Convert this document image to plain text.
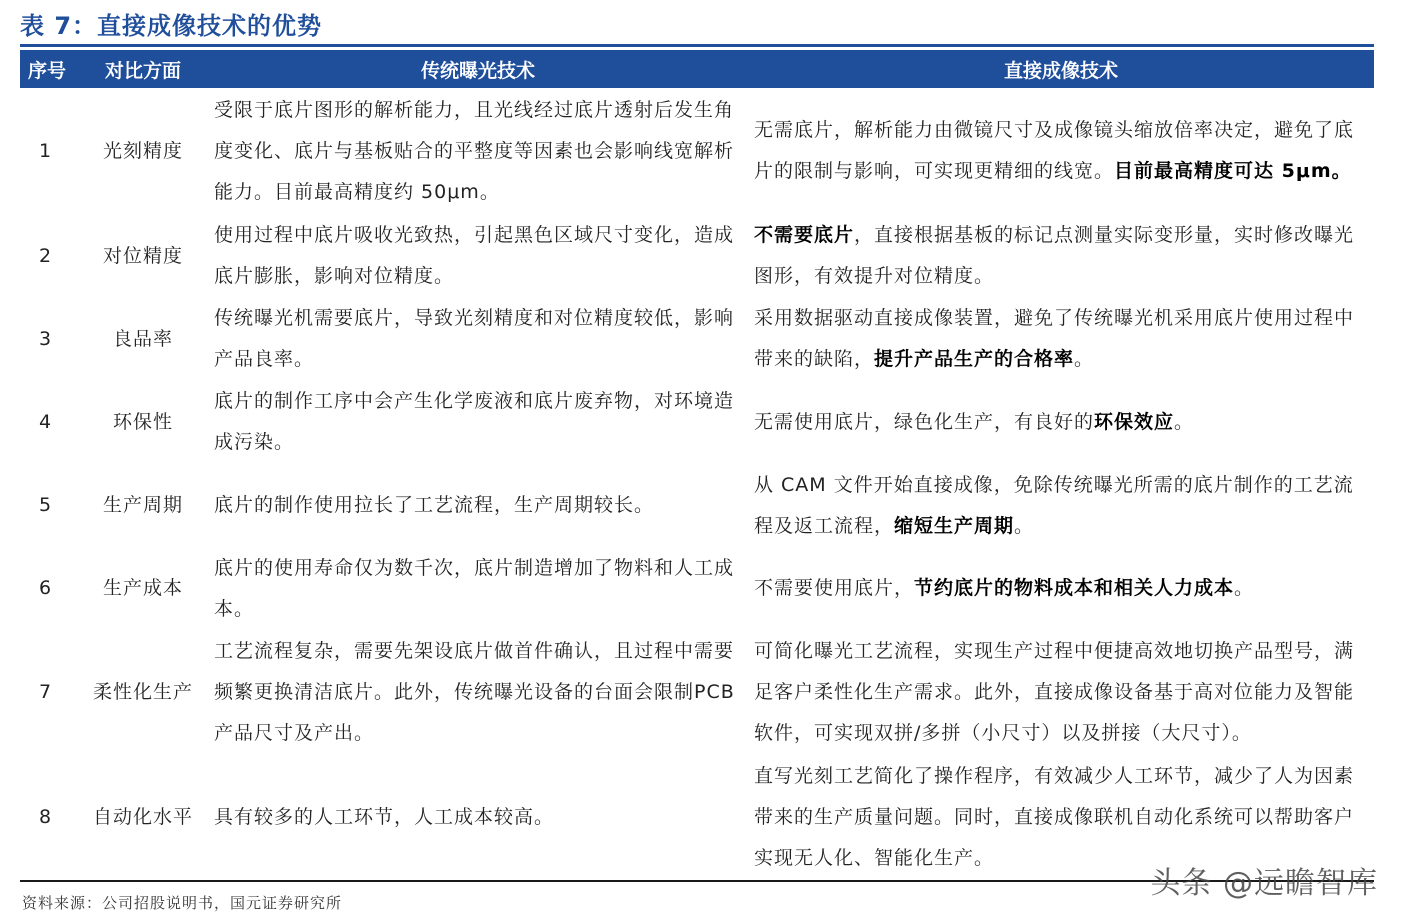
表 7：直接成像技术的优势
序号	对比方面	传统曝光技术	直接成像技术
1	光刻精度	受限于底片图形的解析能力，且光线经过底片透射后发生角度变化、底片与基板贴合的平整度等因素也会影响线宽解析能力。目前最高精度约 50μm。	无需底片，解析能力由微镜尺寸及成像镜头缩放倍率决定，避免了底片的限制与影响，可实现更精细的线宽。目前最高精度可达 5μm。
2	对位精度	使用过程中底片吸收光致热，引起黑色区域尺寸变化，造成底片膨胀，影响对位精度。	不需要底片，直接根据基板的标记点测量实际变形量，实时修改曝光图形，有效提升对位精度。
3	良品率	传统曝光机需要底片，导致光刻精度和对位精度较低，影响产品良率。	采用数据驱动直接成像装置，避免了传统曝光机采用底片使用过程中带来的缺陷，提升产品生产的合格率。
4	环保性	底片的制作工序中会产生化学废液和底片废弃物，对环境造成污染。	无需使用底片，绿色化生产，有良好的环保效应。
5	生产周期	底片的制作使用拉长了工艺流程，生产周期较长。	从 CAM 文件开始直接成像，免除传统曝光所需的底片制作的工艺流程及返工流程，缩短生产周期。
6	生产成本	底片的使用寿命仅为数千次，底片制造增加了物料和人工成本。	不需要使用底片，节约底片的物料成本和相关人力成本。
7	柔性化生产	工艺流程复杂，需要先架设底片做首件确认，且过程中需要频繁更换清洁底片。此外，传统曝光设备的台面会限制PCB 产品尺寸及产出。	可简化曝光工艺流程，实现生产过程中便捷高效地切换产品型号，满足客户柔性化生产需求。此外，直接成像设备基于高对位能力及智能软件，可实现双拼/多拼（小尺寸）以及拼接（大尺寸）。
8	自动化水平	具有较多的人工环节，人工成本较高。	直写光刻工艺简化了操作程序，有效减少人工环节，减少了人为因素带来的生产质量问题。同时，直接成像联机自动化系统可以帮助客户实现无人化、智能化生产。
资料来源：公司招股说明书，国元证券研究所
头条 @远瞻智库
